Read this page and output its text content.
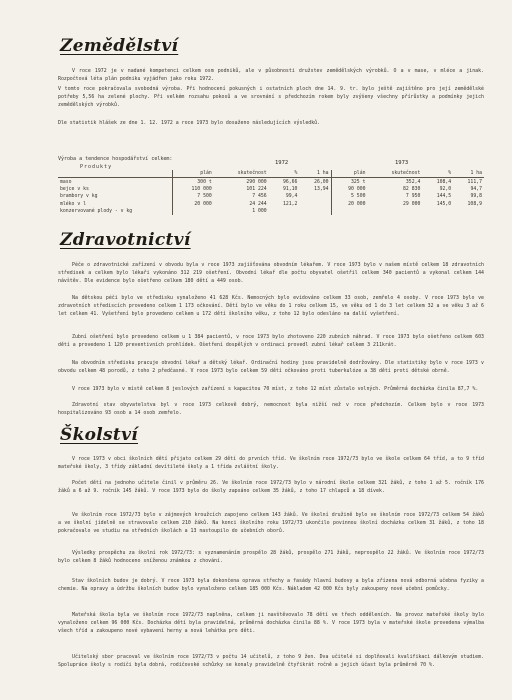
Zemědělství
V roce 1972 je v nadané kompetenci celkem osm podniků, ale v působnosti družstev zemědělských výrobků. O a v mase, v mléce a jinak. Rozpočtová léta plán podniku vyjádřen jako roku 1972.
V tomto roce pokračovala svobodná výroba. Při hodnocení pokusných i ostatních ploch dne 14. 9. tr. bylo ještě zajištěno pro její zemědělské potřeby 5,56 ha zelené plochy. Při velkém rozsahu pokosů a ve srovnání s předchozím rokem byly zvýšeny všechny přírůstky a podmínky jejich zemědělských výrobků.
Dle statistik hlášek ze dne 1. 12. 1972 a roce 1973 bylo dosaženo následujících výsledků.
Výroba a tendence hospodářství celkem:
1972	1973
Produkty
	plán	skutečnost	%	1 ha	plán	skutečnost	%	1 ha
maso	300 t	290 000	96,66	26,00	325 t	352,4	108,4	111,7
bejce v ks	110 000	101 224	91,10	13,94	90 000	82 830	92,0	94,7
brambory v kg	7 500	7 456	99,4		5 500	7 950	144,5	99,8
mléko v l	20 000	24 244	121,2		20 000	29 000	145,0	108,9
konzervované plody - v kg		1 000						
Zdravotnictví
Péče o zdravotnické zařízení v obvodu byla v roce 1973 zajišťována obvodním lékařem. V roce 1973 bylo v našem místě celkem 18 zdravotních středisek a celkem bylo lékaři vykonáno 312 219 ošetření. Obvodní lékař dle počtu obyvatel ošetřil celkem 340 pacientů a vykonal celkem 144 návštěv. Dle evidence bylo ošetřeno celkem 180 dětí a 449 osob.
Na dětskou péči bylo ve středisku vynaloženo 41 628 Kčs. Nemocných bylo evidováno celkem 33 osob, zemřelo 4 osoby. V roce 1973 bylo ve zdravotních střediscích provedeno celkem 1 173 očkování. Dětí bylo ve věku do 1 roku celkem 15, ve věku od 1 do 3 let celkem 32 a ve věku 3 až 6 let celkem 41. Vyšetření bylo provedeno celkem u 172 dětí školního věku, z toho 12 bylo odesláno na další vyšetření.
Zubní ošetření bylo provedeno celkem u 1 384 pacientů, v roce 1973 bylo zhotoveno 220 zubních náhrad. V roce 1973 bylo ošetřeno celkem 603 dětí a provedeno 1 120 preventivních prohlídek. Ošetření dospělých v ordinaci provedl zubní lékař celkem 3 211krát.
Na obvodním středisku pracuje obvodní lékař a dětský lékař. Ordinační hodiny jsou pravidelně dodržovány. Dle statistiky bylo v roce 1973 v obvodu celkem 48 porodů, z toho 2 předčasné. V roce 1973 bylo celkem 59 dětí očkováno proti tuberkulóze a 38 dětí proti dětské obrně.
V roce 1973 bylo v místě celkem 8 jeslových zařízení s kapacitou 70 míst, z toho 12 míst zůstalo volných. Průměrná docházka činila 87,7 %.
Zdravotní stav obyvatelstva byl v roce 1973 celkově dobrý, nemocnost byla nižší než v roce předchozím. Celkem bylo v roce 1973 hospitalizováno 93 osob a 14 osob zemřelo.
Školství
V roce 1973 v obci školních dětí přijato celkem 29 dětí do prvních tříd. Ve školním roce 1972/73 bylo ve škole celkem 64 tříd, a to 9 tříd mateřské školy, 3 třídy základní devítileté školy a 1 třída zvláštní školy.
Počet dětí na jednoho učitele činil v průměru 26. Ve školním roce 1972/73 bylo v národní škole celkem 321 žáků, z toho 1 až 5. ročník 176 žáků a 6 až 9. ročník 145 žáků. V roce 1973 bylo do školy zapsáno celkem 35 žáků, z toho 17 chlapců a 18 dívek.
Ve školním roce 1972/73 bylo v zájmových kroužcích zapojeno celkem 143 žáků. Ve školní družině bylo ve školním roce 1972/73 celkem 54 žáků a ve školní jídelně se stravovalo celkem 210 žáků. Na konci školního roku 1972/73 ukončilo povinnou školní docházku celkem 31 žáků, z toho 18 pokračovalo ve studiu na středních školách a 13 nastoupilo do učebních oborů.
Výsledky prospěchu za školní rok 1972/73: s vyznamenáním prospělo 28 žáků, prospělo 271 žáků, neprospělo 22 žáků. Ve školním roce 1972/73 bylo celkem 8 žáků hodnoceno sníženou známkou z chování.
Stav školních budov je dobrý. V roce 1973 byla dokončena oprava střechy a fasády hlavní budovy a byla zřízena nová odborná učebna fyziky a chemie. Na opravy a údržbu školních budov bylo vynaloženo celkem 185 000 Kčs. Nákladem 42 000 Kčs byly zakoupeny nové učební pomůcky.
Mateřská škola byla ve školním roce 1972/73 naplněna, celkem ji navštěvovalo 78 dětí ve třech odděleních. Na provoz mateřské školy bylo vynaloženo celkem 96 000 Kčs. Docházka dětí byla pravidelná, průměrná docházka činila 88 %. V roce 1973 byla v mateřské škole provedena výmalba všech tříd a zakoupeno nové vybavení herny a nová lehátka pro děti.
Učitelský sbor pracoval ve školním roce 1972/73 v počtu 14 učitelů, z toho 9 žen. Dva učitelé si doplňovali kvalifikaci dálkovým studiem. Spolupráce školy s rodiči byla dobrá, rodičovské schůzky se konaly pravidelně čtyřikrát ročně a jejich účast byla průměrně 70 %.
